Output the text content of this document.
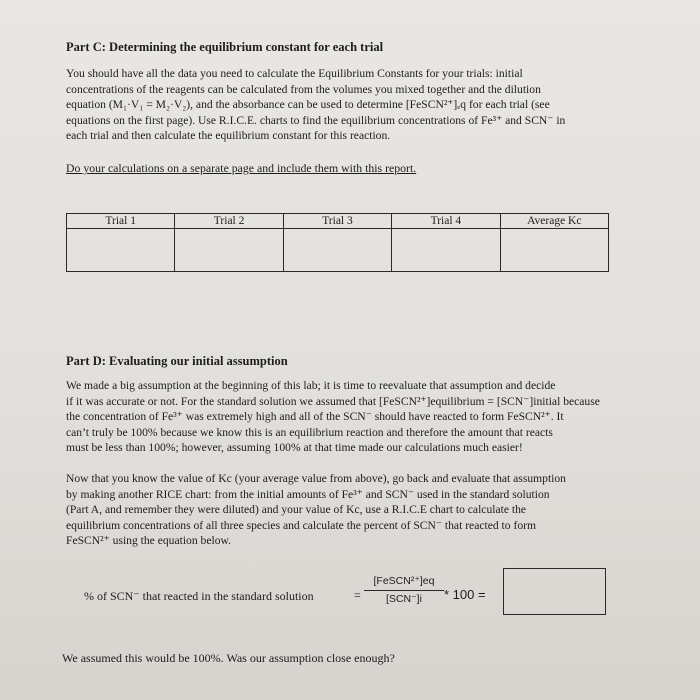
Part C: Determining the equilibrium constant for each trial
You should have all the data you need to calculate the Equilibrium Constants for your trials: initial
concentrations of the reagents can be calculated from the volumes you mixed together and the dilution
equation (M₁·V₁ = M₂·V₂), and the absorbance can be used to determine [FeSCN²⁺]ₑq for each trial (see
equations on the first page). Use R.I.C.E. charts to find the equilibrium concentrations of Fe³⁺ and SCN⁻ in
each trial and then calculate the equilibrium constant for this reaction.
Do your calculations on a separate page and include them with this report.
Trial 1	Trial 2	Trial 3	Trial 4	Average Kc

Part D: Evaluating our initial assumption
We made a big assumption at the beginning of this lab; it is time to reevaluate that assumption and decide
if it was accurate or not. For the standard solution we assumed that [FeSCN²⁺]equilibrium = [SCN⁻]initial because
the concentration of Fe³⁺ was extremely high and all of the SCN⁻ should have reacted to form FeSCN²⁺. It
can’t truly be 100% because we know this is an equilibrium reaction and therefore the amount that reacts
must be less than 100%; however, assuming 100% at that time made our calculations much easier!
Now that you know the value of Kc (your average value from above), go back and evaluate that assumption
by making another RICE chart: from the initial amounts of Fe³⁺ and SCN⁻ used in the standard solution
(Part A, and remember they were diluted) and your value of Kc, use a R.I.C.E chart to calculate the
equilibrium concentrations of all three species and calculate the percent of SCN⁻ that reacted to form
FeSCN²⁺ using the equation below.
% of SCN⁻ that reacted in the standard solution	=
[FeSCN²⁺]eq
[SCN⁻]i	* 100 =
We assumed this would be 100%. Was our assumption close enough?
